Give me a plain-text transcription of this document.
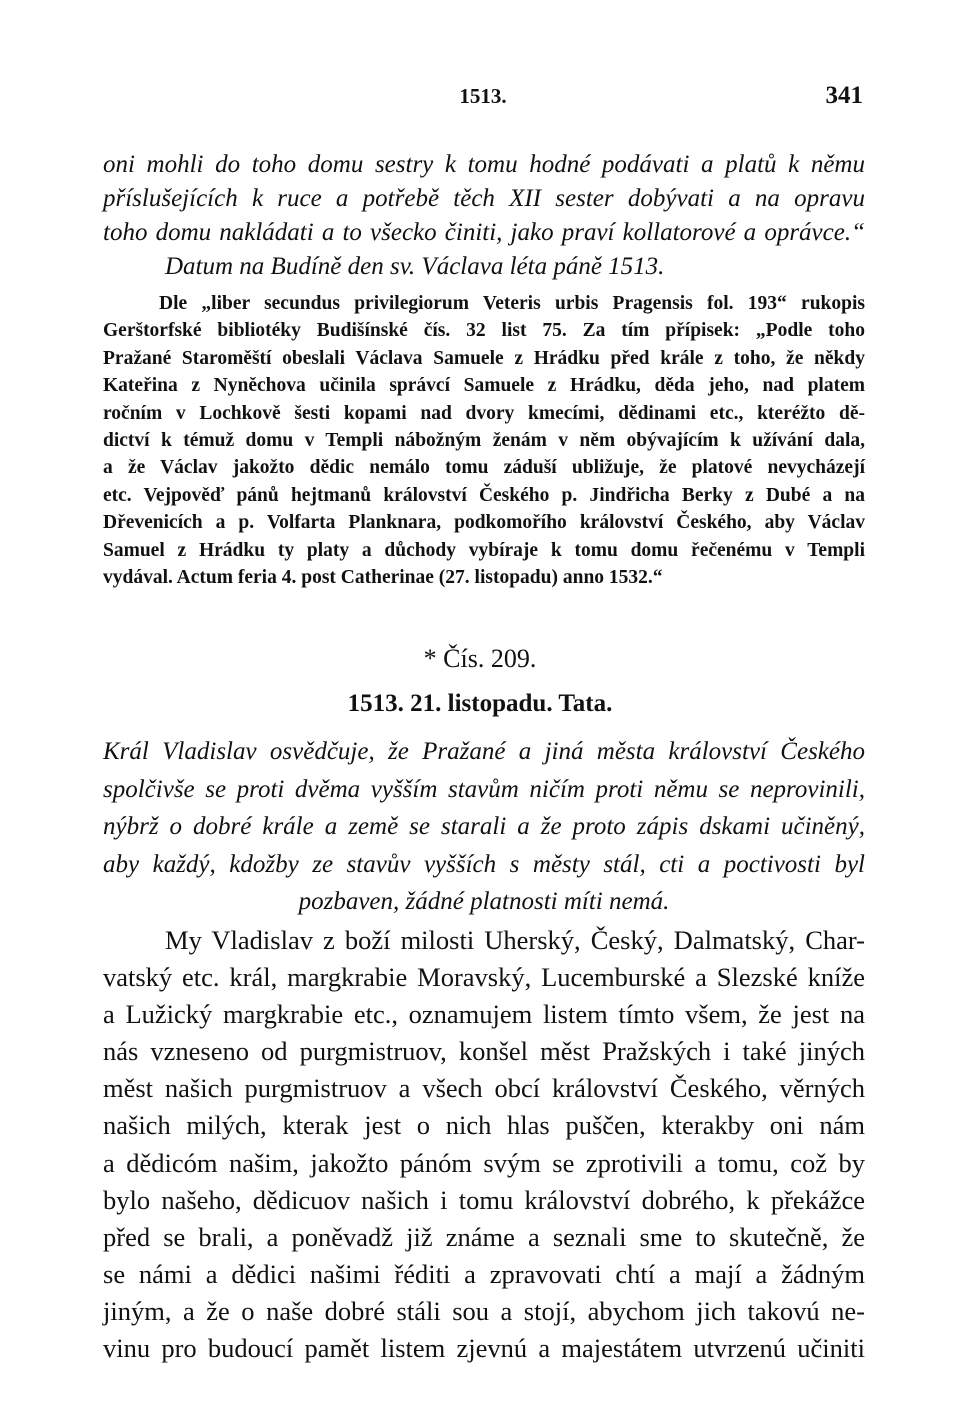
1513.	341
oni mohli do toho domu sestry k tomu hodné podávati a platů k němu
příslušejících k ruce a potřebě těch XII sester dobývati a na opravu
toho domu nakládati a to všecko činiti, jako praví kollatorové a oprávce.“
Datum na Budíně den sv. Václava léta páně 1513.
Dle „liber secundus privilegiorum Veteris urbis Pragensis fol. 193“ rukopis
Gerštorfské bibliotéky Budišínské čís. 32 list 75. Za tím přípisek: „Podle toho
Pražané Staroměští obeslali Václava Samuele z Hrádku před krále z toho, že někdy
Kateřina z Nyněchova učinila správcí Samuele z Hrádku, děda jeho, nad platem
ročním v Lochkově šesti kopami nad dvory kmecími, dědinami etc., kteréžto dě-
dictví k témuž domu v Templi nábožným ženám v něm obývajícím k užívání dala,
a že Václav jakožto dědic nemálo tomu záduší ubližuje, že platové nevycházejí
etc. Vejpověď pánů hejtmanů království Českého p. Jindřicha Berky z Dubé a na
Dřevenicích a p. Volfarta Planknara, podkomořího království Českého, aby Václav
Samuel z Hrádku ty platy a důchody vybíraje k tomu domu řečenému v Templi
vydával. Actum feria 4. post Catherinae (27. listopadu) anno 1532.“
* Čís. 209.
1513. 21. listopadu. Tata.
Král Vladislav osvědčuje, že Pražané a jiná města království Českého
spolčivše se proti dvěma vyšším stavům ničím proti němu se neprovinili,
nýbrž o dobré krále a země se starali a že proto zápis dskami učiněný,
aby každý, kdožby ze stavův vyšších s městy stál, cti a poctivosti byl
pozbaven, žádné platnosti míti nemá.
My Vladislav z boží milosti Uherský, Český, Dalmatský, Char-
vatský etc. král, margkrabie Moravský, Lucemburské a Slezské kníže
a Lužický margkrabie etc., oznamujem listem tímto všem, že jest na
nás vzneseno od purgmistruov, konšel měst Pražských i také jiných
měst našich purgmistruov a všech obcí království Českého, věrných
našich milých, kterak jest o nich hlas puščen, kterakby oni nám
a dědicóm našim, jakožto pánóm svým se zprotivili a tomu, což by
bylo našeho, dědicuov našich i tomu království dobrého, k překážce
před se brali, a poněvadž již známe a seznali sme to skutečně, že
se námi a dědici našimi řéditi a zpravovati chtí a mají a žádným
jiným, a že o naše dobré stáli sou a stojí, abychom jich takovú ne-
vinu pro budoucí pamět listem zjevnú a majestátem utvrzenú učiniti
